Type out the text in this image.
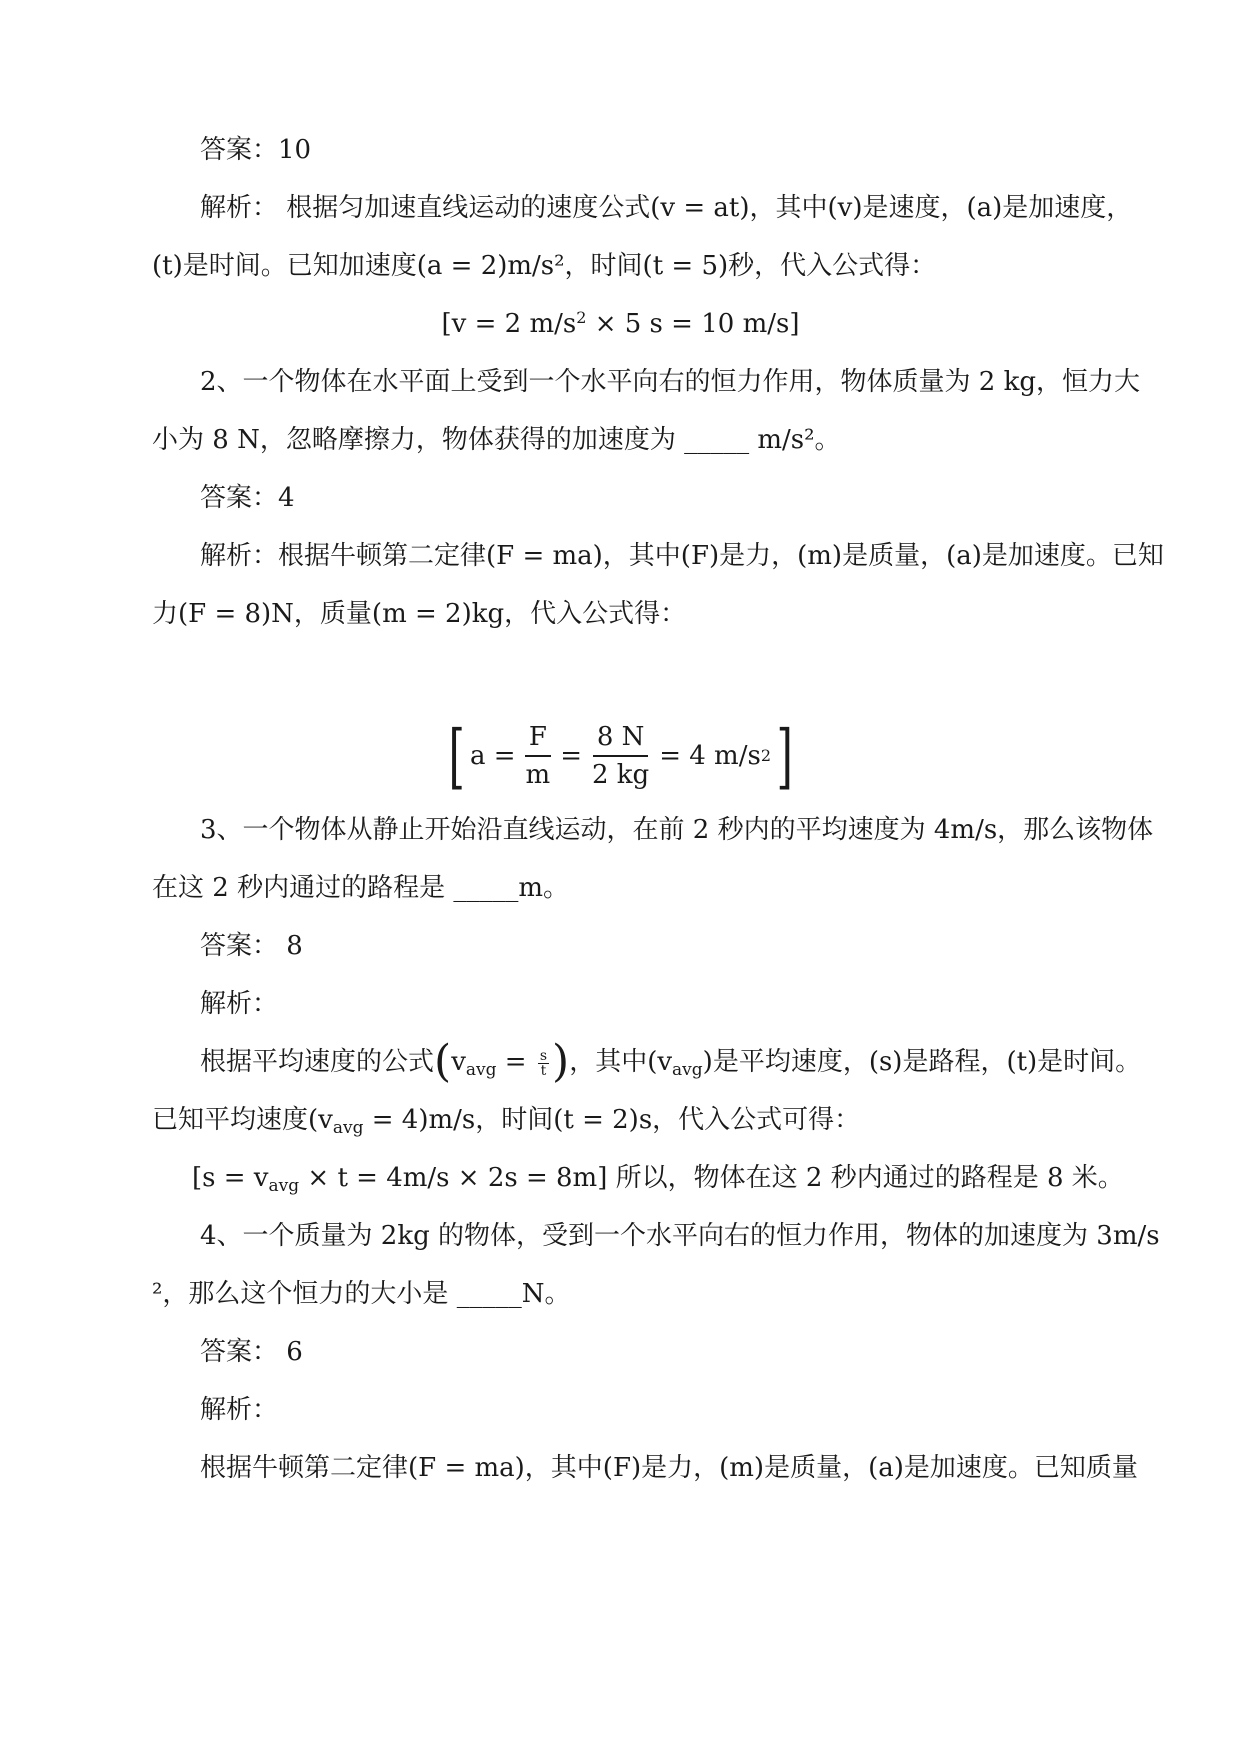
答案：10
解析： 根据匀加速直线运动的速度公式(v = at)，其中(v)是速度，(a)是加速度，
(t)是时间。已知加速度(a = 2)m/s²，时间(t = 5)秒，代入公式得：
[v = 2 $m/s^2 \times 5$ s = 10 m/s]
2、一个物体在水平面上受到一个水平向右的恒力作用，物体质量为 2 kg，恒力大
小为 8 N，忽略摩擦力，物体获得的加速度为 _____ m/s²。
答案：4
解析：根据牛顿第二定律(F = ma)，其中(F)是力，(m)是质量，(a)是加速度。已知
力(F = 8)N，质量(m = 2)kg，代入公式得：
[ $a = \frac{F}{m} = \frac{8 N}{2 kg} = 4$ m/s 2 ]
3、一个物体从静止开始沿直线运动，在前 2 秒内的平均速度为 4m/s，那么该物体
在这 2 秒内通过的路程是 _____m。
答案： 8
解析：
根据平均速度的公式($v_{avg} = \frac{s}{t}$ )，其中$(v_{avg})$是平均速度，(s)是路程，(t)是时间。
已知平均速度$(v_{avg} = 4)m/s$，时间(t = 2)s，代入公式可得：
$[s = v_{avg} \times t = 4m/s \times 2s = 8m]$ 所以，物体在这 2 秒内通过的路程是 8 米。
4、一个质量为 2kg 的物体，受到一个水平向右的恒力作用，物体的加速度为 3m/s
²，那么这个恒力的大小是 _____N。
答案： 6
解析：
根据牛顿第二定律(F = ma)，其中(F)是力，(m)是质量，(a)是加速度。已知质量
